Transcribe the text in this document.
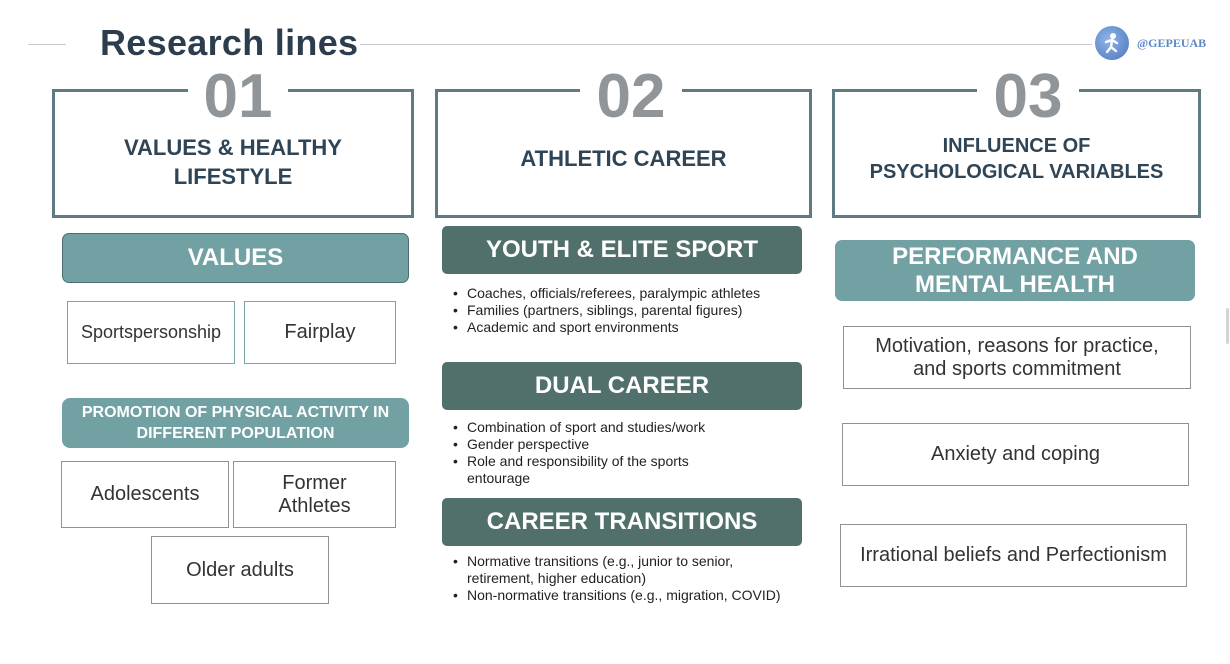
Research lines	@GEPEUAB
01
VALUES & HEALTHY
LIFESTYLE
VALUES
Sportspersonship	Fairplay
PROMOTION OF PHYSICAL ACTIVITY IN DIFFERENT POPULATION
Adolescents
Former
Athletes
Older adults
02
ATHLETIC CAREER
YOUTH & ELITE SPORT
• Coaches, officials/referees, paralympic athletes
• Families (partners, siblings, parental figures)
• Academic and sport environments
DUAL CAREER
• Combination of sport and studies/work
• Gender perspective
• Role and responsibility of the sports entourage
CAREER TRANSITIONS
• Normative transitions (e.g., junior to senior, retirement, higher education)
• Non-normative transitions (e.g., migration, COVID)
03
INFLUENCE OF
PSYCHOLOGICAL VARIABLES
PERFORMANCE AND
MENTAL HEALTH
Motivation, reasons for practice,
and sports commitment
Anxiety and coping
Irrational beliefs and Perfectionism
